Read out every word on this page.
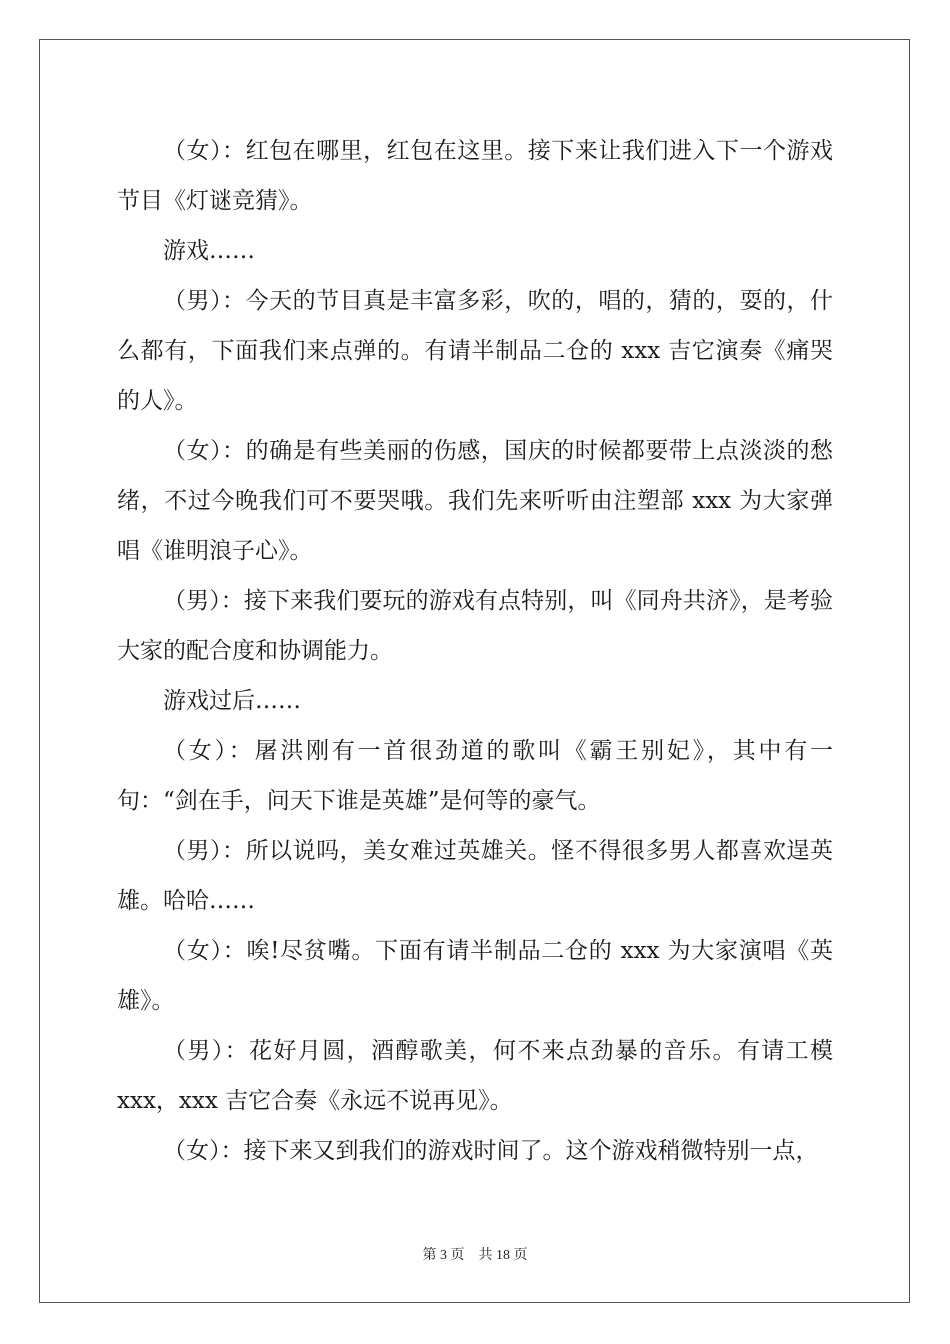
（女）：红包在哪里，红包在这里。接下来让我们进入下一个游戏节目《灯谜竞猜》。

游戏……

（男）：今天的节目真是丰富多彩，吹的，唱的，猜的，耍的，什么都有，下面我们来点弹的。有请半制品二仓的 xxx 吉它演奏《痛哭的人》。

（女）：的确是有些美丽的伤感，国庆的时候都要带上点淡淡的愁绪，不过今晚我们可不要哭哦。我们先来听听由注塑部 xxx 为大家弹唱《谁明浪子心》。

（男）：接下来我们要玩的游戏有点特别，叫《同舟共济》，是考验大家的配合度和协调能力。

游戏过后……

（女）：屠洪刚有一首很劲道的歌叫《霸王别妃》，其中有一句：“剑在手，问天下谁是英雄”是何等的豪气。

（男）：所以说吗，美女难过英雄关。怪不得很多男人都喜欢逞英雄。哈哈……

（女）：唉!尽贫嘴。下面有请半制品二仓的 xxx 为大家演唱《英雄》。

（男）：花好月圆，酒醇歌美，何不来点劲暴的音乐。有请工模 xxx，xxx 吉它合奏《永远不说再见》。

（女）：接下来又到我们的游戏时间了。这个游戏稍微特别一点，

第 3 页　共 18 页
